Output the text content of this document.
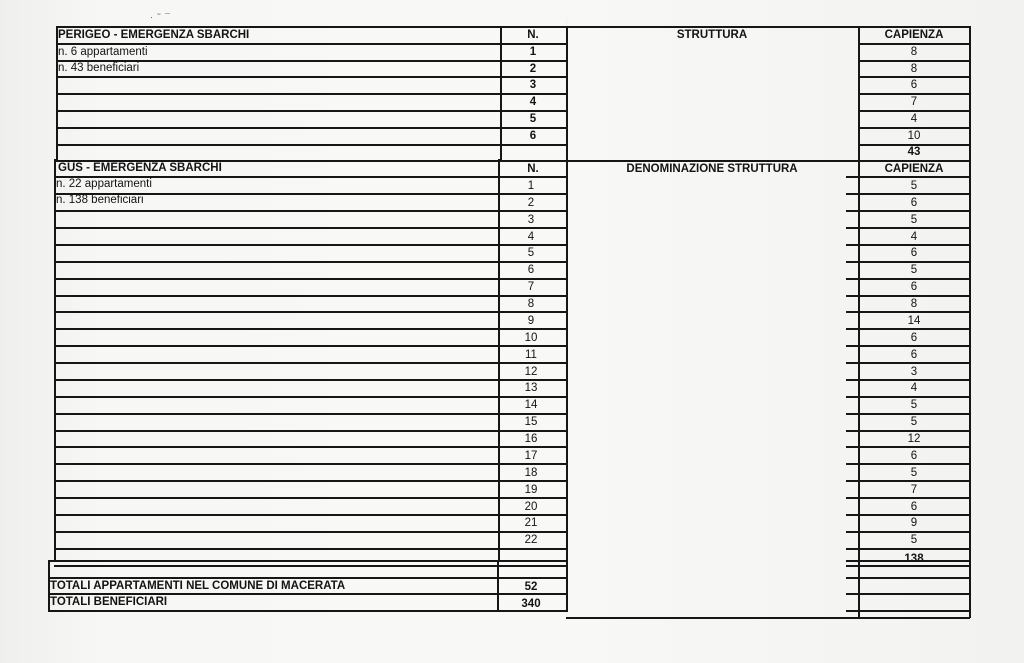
· ˜ ¯
PERIGEO - EMERGENZA SBARCHI	N.	STRUTTURA	CAPIENZA
n. 6 appartamenti
n. 43 beneficiari
1	8
2	8
3	6
4	7
5	4
6	10
43
GUS - EMERGENZA SBARCHI	N.	DENOMINAZIONE STRUTTURA	CAPIENZA
n. 22 appartamenti
n. 138 beneficiari
1	5
2	6
3	5
4	4
5	6
6	5
7	6
8	8
9	14
10	6
11	6
12	3
13	4
14	5
15	5
16	12
17	6
18	5
19	7
20	6
21	9
22	5
138
TOTALI APPARTAMENTI NEL COMUNE DI MACERATA	52
TOTALI BENEFICIARI	340
